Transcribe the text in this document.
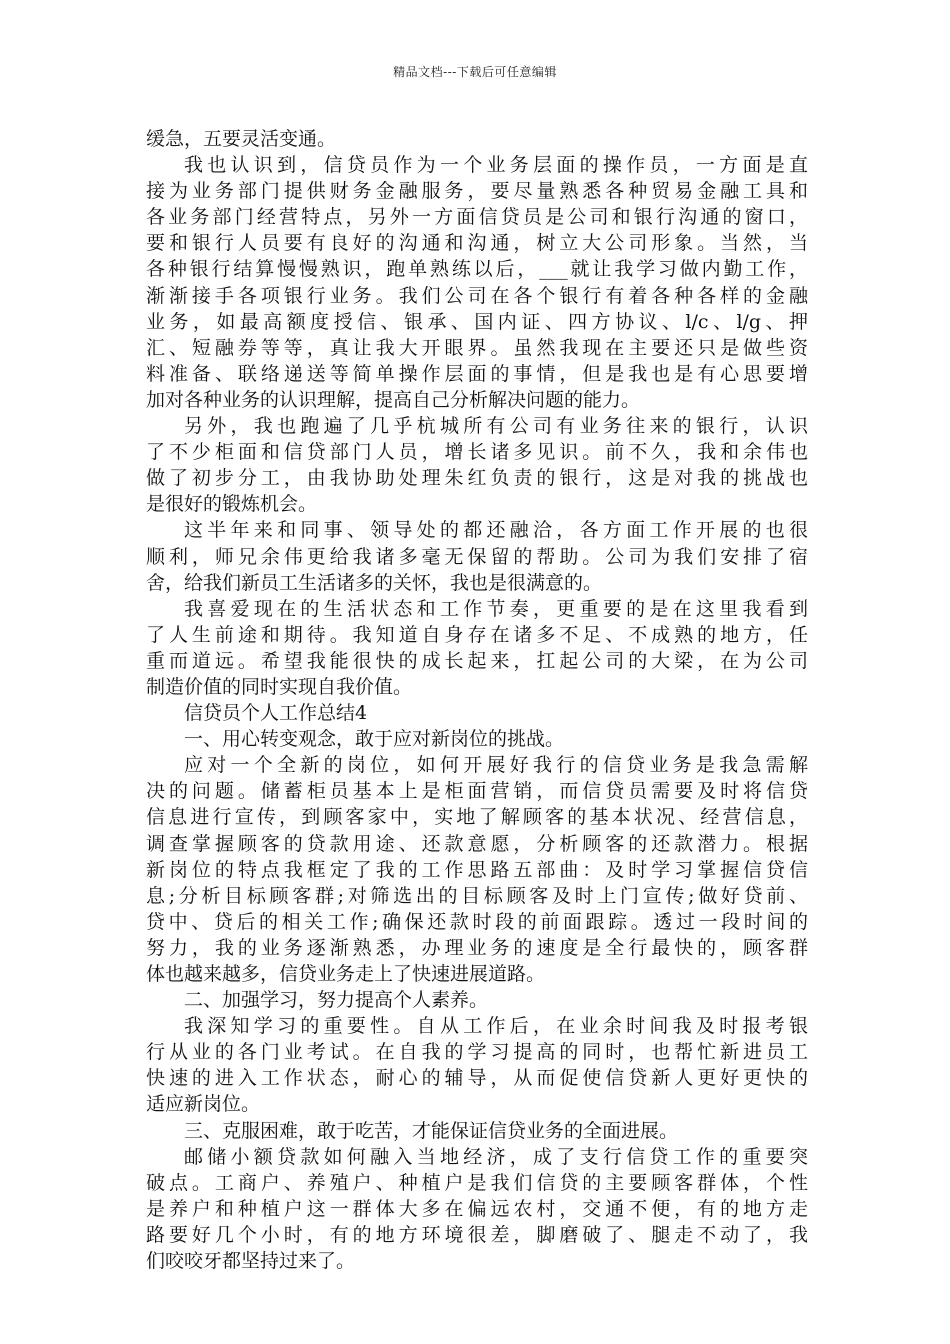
精品文档---下载后可任意编辑
缓急，五要灵活变通。
我也认识到，信贷员作为一个业务层面的操作员，一方面是直
接为业务部门提供财务金融服务，要尽量熟悉各种贸易金融工具和
各业务部门经营特点，另外一方面信贷员是公司和银行沟通的窗口，
要和银行人员要有良好的沟通和沟通，树立大公司形象。当然，当
各种银行结算慢慢熟识，跑单熟练以后，___就让我学习做内勤工作，
渐渐接手各项银行业务。我们公司在各个银行有着各种各样的金融
业务，如最高额度授信、银承、国内证、四方协议、l/c、l/g、押
汇、短融券等等，真让我大开眼界。虽然我现在主要还只是做些资
料准备、联络递送等简单操作层面的事情，但是我也是有心思要增
加对各种业务的认识理解，提高自己分析解决问题的能力。
另外，我也跑遍了几乎杭城所有公司有业务往来的银行，认识
了不少柜面和信贷部门人员，增长诸多见识。前不久，我和余伟也
做了初步分工，由我协助处理朱红负责的银行，这是对我的挑战也
是很好的锻炼机会。
这半年来和同事、领导处的都还融洽，各方面工作开展的也很
顺利，师兄余伟更给我诸多毫无保留的帮助。公司为我们安排了宿
舍，给我们新员工生活诸多的关怀，我也是很满意的。
我喜爱现在的生活状态和工作节奏，更重要的是在这里我看到
了人生前途和期待。我知道自身存在诸多不足、不成熟的地方，任
重而道远。希望我能很快的成长起来，扛起公司的大梁，在为公司
制造价值的同时实现自我价值。
信贷员个人工作总结4
一、用心转变观念，敢于应对新岗位的挑战。
应对一个全新的岗位，如何开展好我行的信贷业务是我急需解
决的问题。储蓄柜员基本上是柜面营销，而信贷员需要及时将信贷
信息进行宣传，到顾客家中，实地了解顾客的基本状况、经营信息，
调查掌握顾客的贷款用途、还款意愿，分析顾客的还款潜力。根据
新岗位的特点我框定了我的工作思路五部曲：及时学习掌握信贷信
息;分析目标顾客群;对筛选出的目标顾客及时上门宣传;做好贷前、
贷中、贷后的相关工作;确保还款时段的前面跟踪。透过一段时间的
努力，我的业务逐渐熟悉，办理业务的速度是全行最快的，顾客群
体也越来越多，信贷业务走上了快速进展道路。
二、加强学习，努力提高个人素养。
我深知学习的重要性。自从工作后，在业余时间我及时报考银
行从业的各门业考试。在自我的学习提高的同时，也帮忙新进员工
快速的进入工作状态，耐心的辅导，从而促使信贷新人更好更快的
适应新岗位。
三、克服困难，敢于吃苦，才能保证信贷业务的全面进展。
邮储小额贷款如何融入当地经济，成了支行信贷工作的重要突
破点。工商户、养殖户、种植户是我们信贷的主要顾客群体，个性
是养户和种植户这一群体大多在偏远农村，交通不便，有的地方走
路要好几个小时，有的地方环境很差，脚磨破了、腿走不动了，我
们咬咬牙都坚持过来了。
